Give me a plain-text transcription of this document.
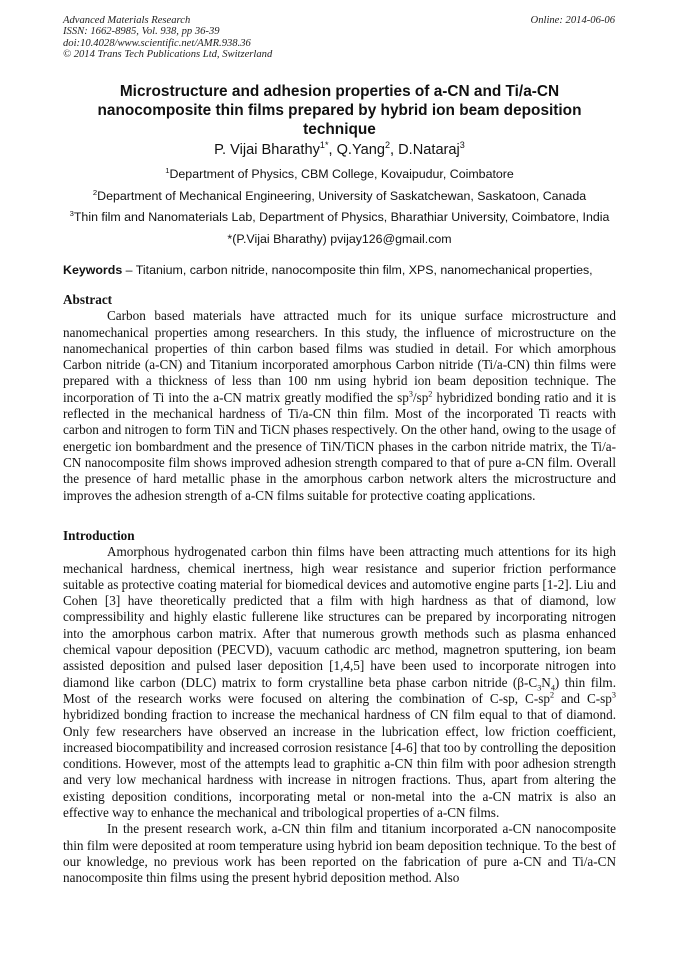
Advanced Materials Research
ISSN: 1662-8985, Vol. 938, pp 36-39
doi:10.4028/www.scientific.net/AMR.938.36
© 2014 Trans Tech Publications Ltd, Switzerland
Online: 2014-06-06
Microstructure and adhesion properties of a-CN and Ti/a-CN nanocomposite thin films prepared by hybrid ion beam deposition technique
P. Vijai Bharathy$^{1*}$, Q.Yang$^2$, D.Nataraj$^3$
$^1$Department of Physics, CBM College, Kovaipudur, Coimbatore
$^2$Department of Mechanical Engineering, University of Saskatchewan, Saskatoon, Canada
$^3$Thin film and Nanomaterials Lab, Department of Physics, Bharathiar University, Coimbatore, India
*(P.Vijai Bharathy) pvijay126@gmail.com
Keywords – Titanium, carbon nitride, nanocomposite thin film, XPS, nanomechanical properties,
Abstract

Carbon based materials have attracted much for its unique surface microstructure and nanomechanical properties among researchers. In this study, the influence of microstructure on the nanomechanical properties of thin carbon based films was studied in detail. For which amorphous Carbon nitride (a-CN) and Titanium incorporated amorphous Carbon nitride (Ti/a-CN) thin films were prepared with a thickness of less than 100 nm using hybrid ion beam deposition technique. The incorporation of Ti into the a-CN matrix greatly modified the $sp^3/sp^2$ hybridized bonding ratio and it is reflected in the mechanical hardness of Ti/a-CN thin film. Most of the incorporated Ti reacts with carbon and nitrogen to form TiN and TiCN phases respectively. On the other hand, owing to the usage of energetic ion bombardment and the presence of TiN/TiCN phases in the carbon nitride matrix, the Ti/a-CN nanocomposite film shows improved adhesion strength compared to that of pure a-CN film. Overall the presence of hard metallic phase in the amorphous carbon network alters the microstructure and improves the adhesion strength of a-CN films suitable for protective coating applications.

Introduction

Amorphous hydrogenated carbon thin films have been attracting much attentions for its high mechanical hardness, chemical inertness, high wear resistance and superior friction performance suitable as protective coating material for biomedical devices and automotive engine parts [1-2]. Liu and Cohen [3] have theoretically predicted that a film with high hardness as that of diamond, low compressibility and highly elastic fullerene like structures can be prepared by incorporating nitrogen into the amorphous carbon matrix. After that numerous growth methods such as plasma enhanced chemical vapour deposition (PECVD), vacuum cathodic arc method, magnetron sputtering, ion beam assisted deposition and pulsed laser deposition [1,4,5] have been used to incorporate nitrogen into diamond like carbon (DLC) matrix to form crystalline beta phase carbon nitride $(\beta-C_3N_4)$ thin film. Most of the research works were focused on altering the combination of C-sp, $C-sp^2$ and $C-sp^3$ hybridized bonding fraction to increase the mechanical hardness of CN film equal to that of diamond. Only few researchers have observed an increase in the lubrication effect, low friction coefficient, increased biocompatibility and increased corrosion resistance [4-6] that too by controlling the deposition conditions. However, most of the attempts lead to graphitic a-CN thin film with poor adhesion strength and very low mechanical hardness with increase in nitrogen fractions. Thus, apart from altering the existing deposition conditions, incorporating metal or non-metal into the a-CN matrix is also an effective way to enhance the mechanical and tribological properties of a-CN films.

In the present research work, a-CN thin film and titanium incorporated a-CN nanocomposite thin film were deposited at room temperature using hybrid ion beam deposition technique. To the best of our knowledge, no previous work has been reported on the fabrication of pure a-CN and Ti/a-CN nanocomposite thin films using the present hybrid deposition method. Also
